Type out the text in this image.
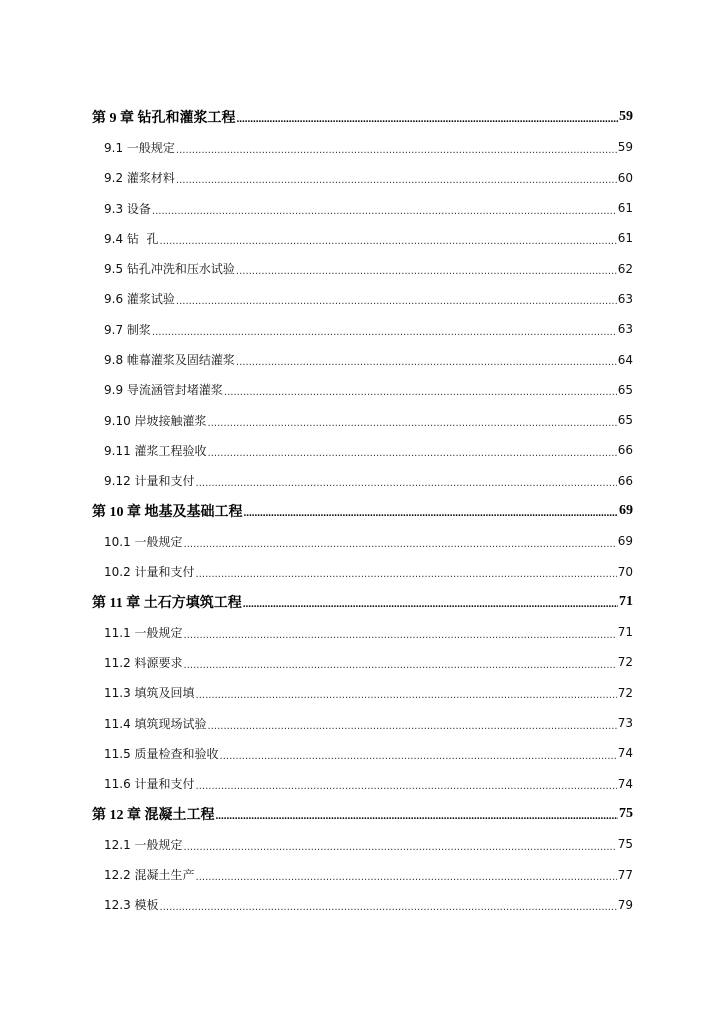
第 9 章 钻孔和灌浆工程 .....	59
9.1 一般规定 .....	59
9.2 灌浆材料 .....	60
9.3 设备 .....	61
9.4 钻  孔 .....	61
9.5 钻孔冲洗和压水试验 .....	62
9.6 灌浆试验 .....	63
9.7 制浆 .....	63
9.8 帷幕灌浆及固结灌浆 .....	64
9.9 导流涵管封堵灌浆 .....	65
9.10 岸坡接触灌浆 .....	65
9.11 灌浆工程验收 .....	66
9.12 计量和支付 .....	66
第 10 章 地基及基础工程 .....	69
10.1 一般规定 .....	69
10.2 计量和支付 .....	70
第 11 章 土石方填筑工程 .....	71
11.1 一般规定 .....	71
11.2 料源要求 .....	72
11.3 填筑及回填 .....	72
11.4 填筑现场试验 .....	73
11.5 质量检查和验收 .....	74
11.6 计量和支付 .....	74
第 12 章 混凝土工程 .....	75
12.1 一般规定 .....	75
12.2 混凝土生产 .....	77
12.3 模板 .....	79
